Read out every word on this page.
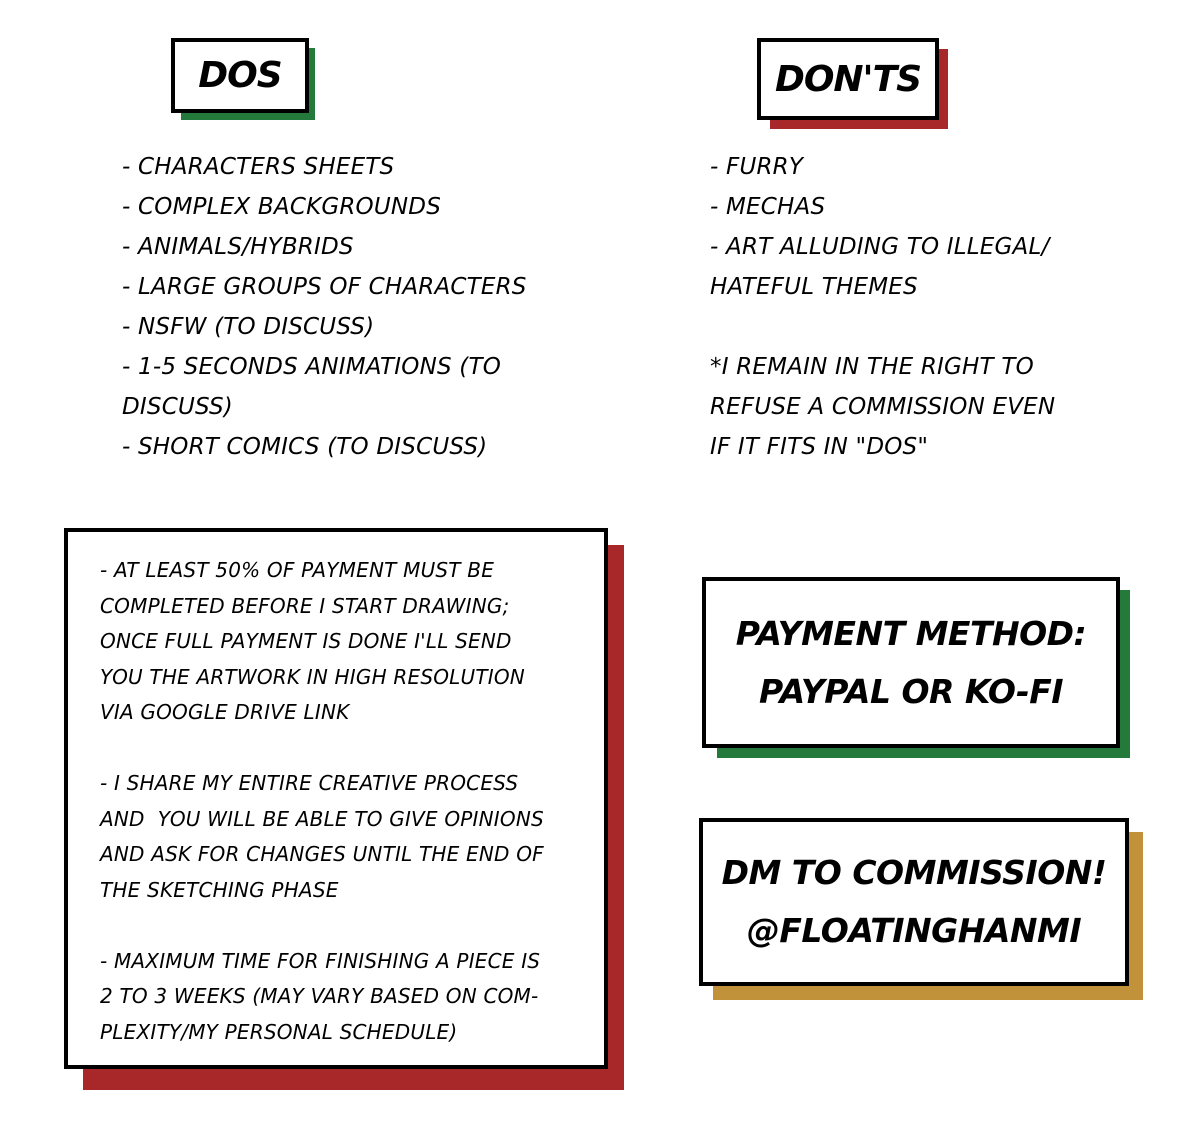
DOS	DON'TS
- CHARACTERS SHEETS
- COMPLEX BACKGROUNDS
- ANIMALS/HYBRIDS
- LARGE GROUPS OF CHARACTERS
- NSFW (TO DISCUSS)
- 1-5 SECONDS ANIMATIONS (TO
DISCUSS)
- SHORT COMICS (TO DISCUSS)
- FURRY
- MECHAS
- ART ALLUDING TO ILLEGAL/
HATEFUL THEMES
*I REMAIN IN THE RIGHT TO
REFUSE A COMMISSION EVEN
IF IT FITS IN "DOS"
- AT LEAST 50% OF PAYMENT MUST BE
COMPLETED BEFORE I START DRAWING;
ONCE FULL PAYMENT IS DONE I'LL SEND
YOU THE ARTWORK IN HIGH RESOLUTION
VIA GOOGLE DRIVE LINK
- I SHARE MY ENTIRE CREATIVE PROCESS
AND  YOU WILL BE ABLE TO GIVE OPINIONS
AND ASK FOR CHANGES UNTIL THE END OF
THE SKETCHING PHASE
- MAXIMUM TIME FOR FINISHING A PIECE IS
2 TO 3 WEEKS (MAY VARY BASED ON COM-
PLEXITY/MY PERSONAL SCHEDULE)
PAYMENT METHOD:
PAYPAL OR KO-FI
DM TO COMMISSION!
@FLOATINGHANMI
